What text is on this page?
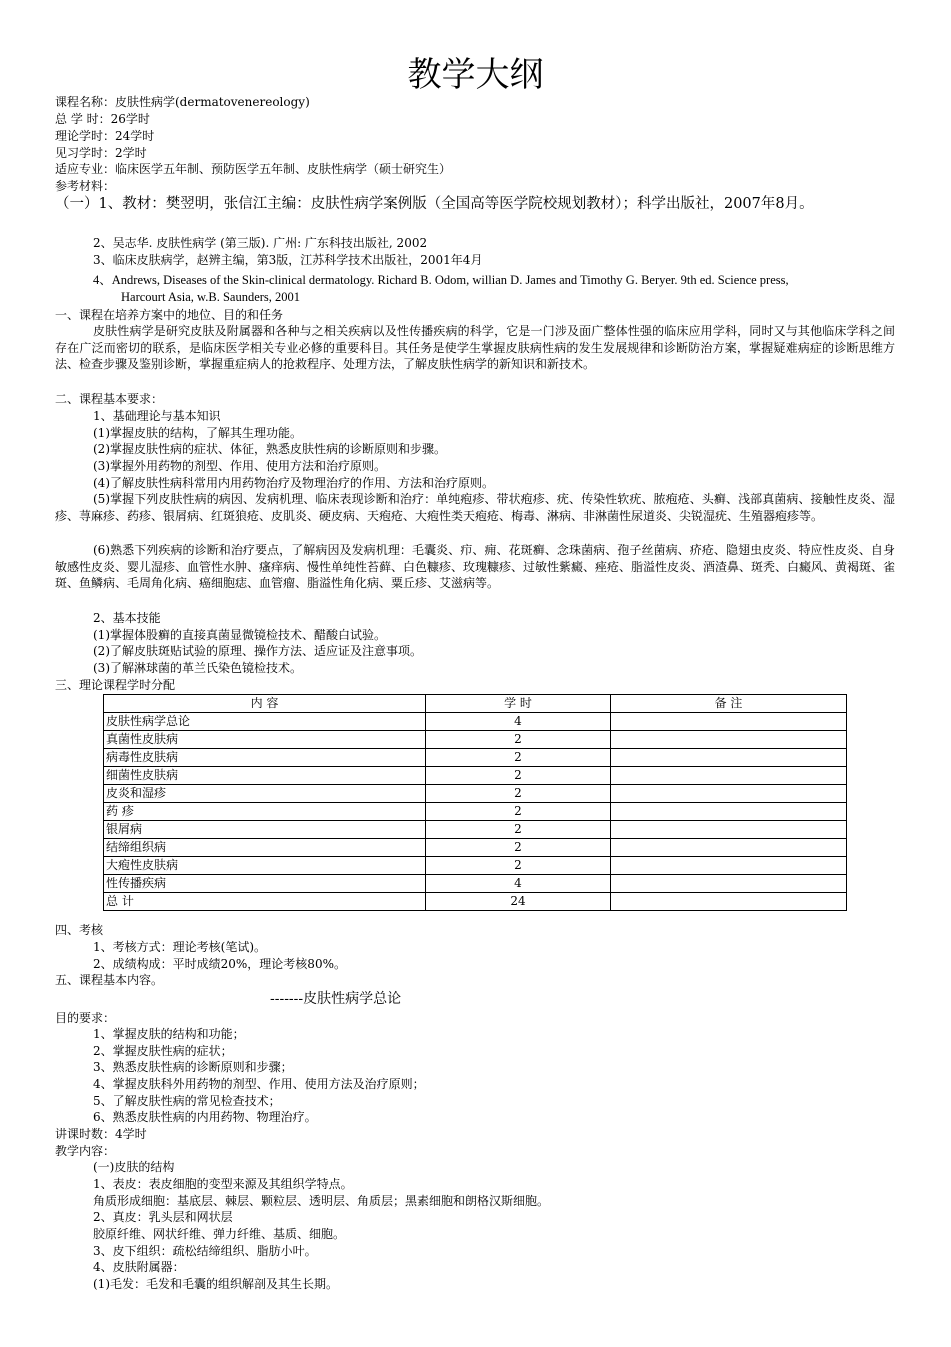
教学大纲
课程名称：皮肤性病学(dermatovenereology)
总 学 时：26学时
理论学时：24学时
见习学时：2学时
适应专业：临床医学五年制、预防医学五年制、皮肤性病学（硕士研究生）
参考材料：
（一）1、教材：樊翌明，张信江主编：皮肤性病学案例版（全国高等医学院校规划教材）；科学出版社，2007年8月。
2、吴志华. 皮肤性病学 (第三版). 广州: 广东科技出版社, 2002
3、临床皮肤病学，赵辨主编，第3版，江苏科学技术出版社，2001年4月
4、Andrews, Diseases of the Skin-clinical dermatology. Richard B. Odom, willian D. James and Timothy G. Beryer. 9th ed. Science press,
Harcourt Asia, w.B. Saunders, 2001
一、课程在培养方案中的地位、目的和任务
皮肤性病学是研究皮肤及附属器和各种与之相关疾病以及性传播疾病的科学，它是一门涉及面广整体性强的临床应用学科，同时又与其他临床学科之间存在广泛而密切的联系，是临床医学相关专业必修的重要科目。其任务是使学生掌握皮肤病性病的发生发展规律和诊断防治方案，掌握疑难病症的诊断思维方法、检查步骤及鉴别诊断，掌握重症病人的抢救程序、处理方法，了解皮肤性病学的新知识和新技术。
二、课程基本要求：
1、基础理论与基本知识
(1)掌握皮肤的结构，了解其生理功能。
(2)掌握皮肤性病的症状、体征，熟悉皮肤性病的诊断原则和步骤。
(3)掌握外用药物的剂型、作用、使用方法和治疗原则。
(4)了解皮肤性病科常用内用药物治疗及物理治疗的作用、方法和治疗原则。
(5)掌握下列皮肤性病的病因、发病机理、临床表现诊断和治疗：单纯疱疹、带状疱疹、疣、传染性软疣、脓疱疮、头癣、浅部真菌病、接触性皮炎、湿疹、荨麻疹、药疹、银屑病、红斑狼疮、皮肌炎、硬皮病、天疱疮、大疱性类天疱疮、梅毒、淋病、非淋菌性尿道炎、尖锐湿疣、生殖器疱疹等。
(6)熟悉下列疾病的诊断和治疗要点，了解病因及发病机理：毛囊炎、疖、痈、花斑癣、念珠菌病、孢子丝菌病、疥疮、隐翅虫皮炎、特应性皮炎、自身敏感性皮炎、婴儿湿疹、血管性水肿、瘙痒病、慢性单纯性苔藓、白色糠疹、玫瑰糠疹、过敏性紫癜、痤疮、脂溢性皮炎、酒渣鼻、斑秃、白癜风、黄褐斑、雀斑、鱼鳞病、毛周角化病、癌细胞痣、血管瘤、脂溢性角化病、粟丘疹、艾滋病等。
2、基本技能
(1)掌握体股癣的直接真菌显微镜检技术、醋酸白试验。
(2)了解皮肤斑贴试验的原理、操作方法、适应证及注意事项。
(3)了解淋球菌的革兰氏染色镜检技术。
三、理论课程学时分配
内 容	学 时	备 注
皮肤性病学总论	4	
真菌性皮肤病	2	
病毒性皮肤病	2	
细菌性皮肤病	2	
皮炎和湿疹	2	
药 疹	2	
银屑病	2	
结缔组织病	2	
大疱性皮肤病	2	
性传播疾病	4	
总 计	24	
四、考核
1、考核方式：理论考核(笔试)。
2、成绩构成：平时成绩20%，理论考核80%。
五、课程基本内容。
-------皮肤性病学总论
目的要求：
1、掌握皮肤的结构和功能；
2、掌握皮肤性病的症状；
3、熟悉皮肤性病的诊断原则和步骤；
4、掌握皮肤科外用药物的剂型、作用、使用方法及治疗原则；
5、了解皮肤性病的常见检查技术；
6、熟悉皮肤性病的内用药物、物理治疗。
讲课时数：4学时
教学内容：
(一)皮肤的结构
1、表皮：表皮细胞的变型来源及其组织学特点。
角质形成细胞：基底层、棘层、颗粒层、透明层、角质层；黑素细胞和朗格汉斯细胞。
2、真皮：乳头层和网状层
胶原纤维、网状纤维、弹力纤维、基质、细胞。
3、皮下组织：疏松结缔组织、脂肪小叶。
4、皮肤附属器：
(1)毛发：毛发和毛囊的组织解剖及其生长期。
